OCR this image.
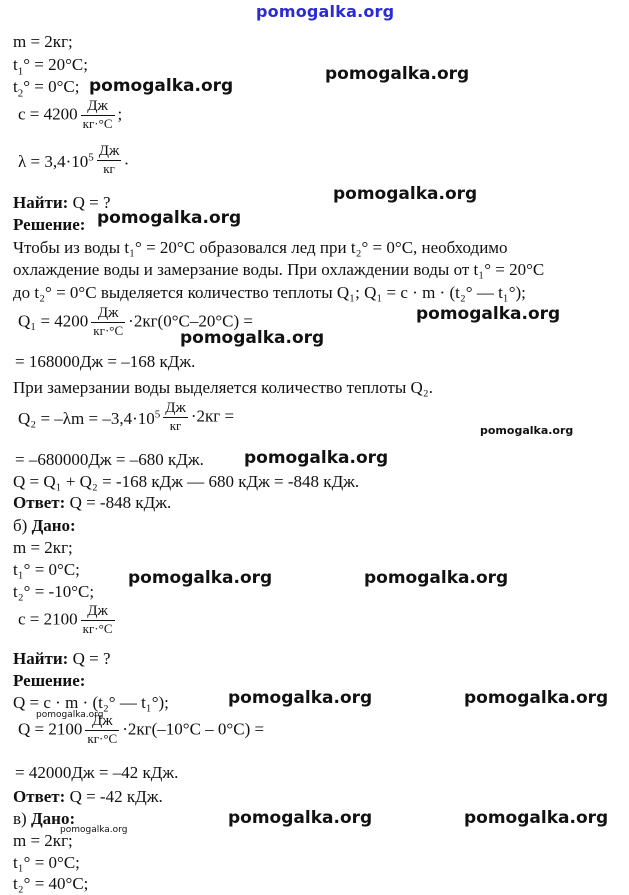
pomogalka.org
m = 2кг;
$t_1^\circ = 20^\circ C$;
$t_2^\circ = 0^\circ C$;
c = 4200 Дж
кг·°C ;
$\lambda = 3,4\cdot 10^5$ Дж
кг .
Найти: Q = ?
Решение:
Чтобы из воды t₁° = 20°C образовался лед при t₂° = 0°C, необходимо
охлаждение воды и замерзание воды. При охлаждении воды от t₁° = 20°C
до t₂° = 0°C выделяется количество теплоты Q₁; Q₁ = c · m · (t₂° — t₁°);
Q₁ = 4200 Дж
кг·°C ·2кг(0°C–20°C) =
= 168000Дж = –168 кДж.
При замерзании воды выделяется количество теплоты Q₂.
$Q_2 = -\lambda m = -3,4\cdot 10^5$ Дж
кг ·2кг =
= –680000Дж = –680 кДж.
Q = Q₁ + Q₂ = -168 кДж — 680 кДж = -848 кДж.
Ответ: Q = -848 кДж.
б) Дано:
m = 2кг;
t₁° = 0°C;
t₂° = -10°C;
c = 2100 Дж
кг·°C
Найти: Q = ?
Решение:
Q = c · m · (t₂° — t₁°);
Q = 2100 Дж
кг·°C ·2кг(–10°C – 0°C) =
= 42000Дж = –42 кДж.
Ответ: Q = -42 кДж.
в) Дано:
m = 2кг;
t₁° = 0°C;
t₂° = 40°C;
pomogalka.org
pomogalka.org
pomogalka.org
pomogalka.org
pomogalka.org
pomogalka.org
pomogalka.org
pomogalka.org
pomogalka.org	pomogalka.org
pomogalka.org	pomogalka.org
pomogalka.org
pomogalka.org	pomogalka.org
pomogalka.org
